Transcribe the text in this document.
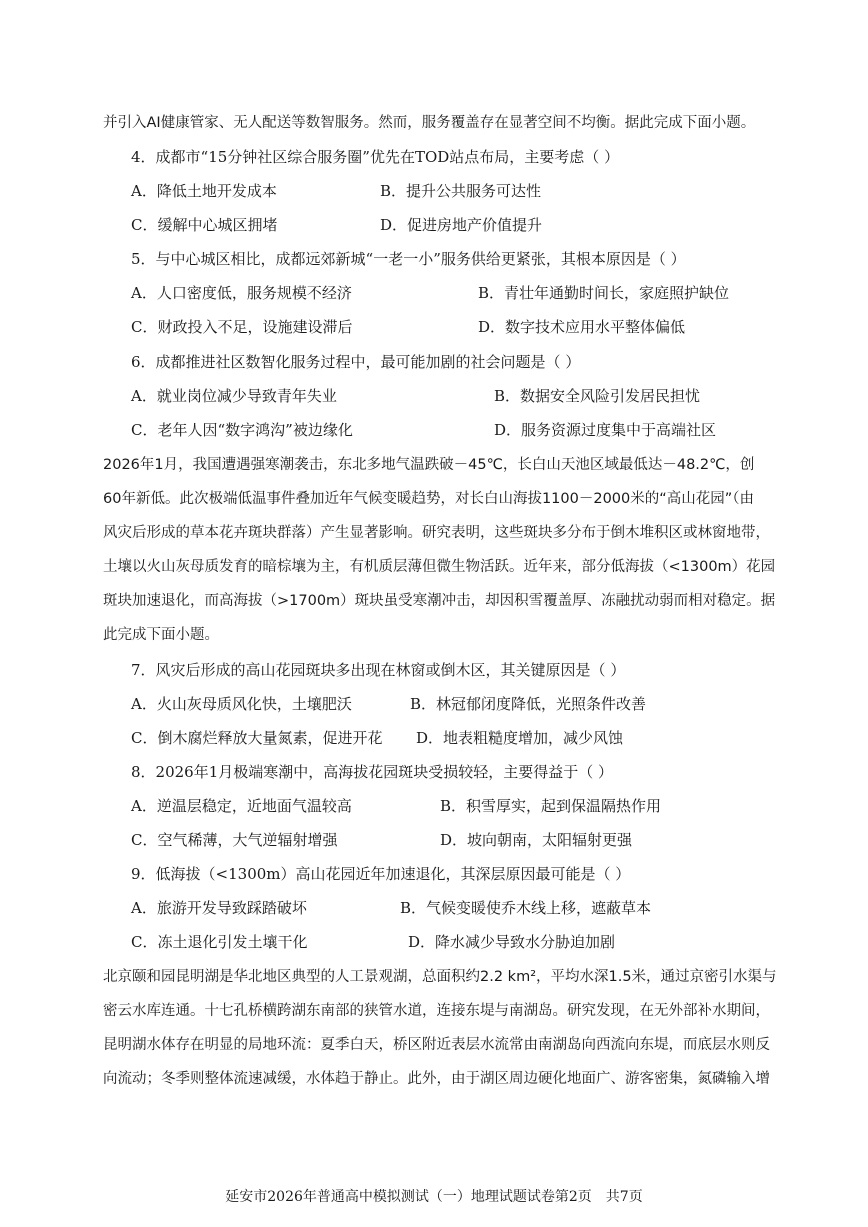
并引入AI健康管家、无人配送等数智服务。然而，服务覆盖存在显著空间不均衡。据此完成下面小题。
4．成都市“15分钟社区综合服务圈”优先在TOD站点布局，主要考虑（ ）
A．降低土地开发成本	B．提升公共服务可达性
C．缓解中心城区拥堵	D．促进房地产价值提升
5．与中心城区相比，成都远郊新城“一老一小”服务供给更紧张，其根本原因是（ ）
A．人口密度低，服务规模不经济	B．青壮年通勤时间长，家庭照护缺位
C．财政投入不足，设施建设滞后	D．数字技术应用水平整体偏低
6．成都推进社区数智化服务过程中，最可能加剧的社会问题是（ ）
A．就业岗位减少导致青年失业	B．数据安全风险引发居民担忧
C．老年人因“数字鸿沟”被边缘化	D．服务资源过度集中于高端社区
2026年1月，我国遭遇强寒潮袭击，东北多地气温跌破－45℃，长白山天池区域最低达－48.2℃，创
60年新低。此次极端低温事件叠加近年气候变暖趋势，对长白山海拔1100－2000米的“高山花园”（由
风灾后形成的草本花卉斑块群落）产生显著影响。研究表明，这些斑块多分布于倒木堆积区或林窗地带，
土壤以火山灰母质发育的暗棕壤为主，有机质层薄但微生物活跃。近年来，部分低海拔（<1300m）花园
斑块加速退化，而高海拔（>1700m）斑块虽受寒潮冲击，却因积雪覆盖厚、冻融扰动弱而相对稳定。据
此完成下面小题。
7．风灾后形成的高山花园斑块多出现在林窗或倒木区，其关键原因是（ ）
A．火山灰母质风化快，土壤肥沃	B．林冠郁闭度降低，光照条件改善
C．倒木腐烂释放大量氮素，促进开花 D．地表粗糙度增加，减少风蚀
8．2026年1月极端寒潮中，高海拔花园斑块受损较轻，主要得益于（ ）
A．逆温层稳定，近地面气温较高	B．积雪厚实，起到保温隔热作用
C．空气稀薄，大气逆辐射增强	D．坡向朝南，太阳辐射更强
9．低海拔（<1300m）高山花园近年加速退化，其深层原因最可能是（ ）
A．旅游开发导致踩踏破坏	B．气候变暖使乔木线上移，遮蔽草本
C．冻土退化引发土壤干化	D．降水减少导致水分胁迫加剧
北京颐和园昆明湖是华北地区典型的人工景观湖，总面积约2.2 km²，平均水深1.5米，通过京密引水渠与
密云水库连通。十七孔桥横跨湖东南部的狭管水道，连接东堤与南湖岛。研究发现，在无外部补水期间，
昆明湖水体存在明显的局地环流：夏季白天，桥区附近表层水流常由南湖岛向西流向东堤，而底层水则反
向流动；冬季则整体流速减缓，水体趋于静止。此外，由于湖区周边硬化地面广、游客密集，氮磷输入增
延安市2026年普通高中模拟测试（一）地理试题试卷第2页　共7页
